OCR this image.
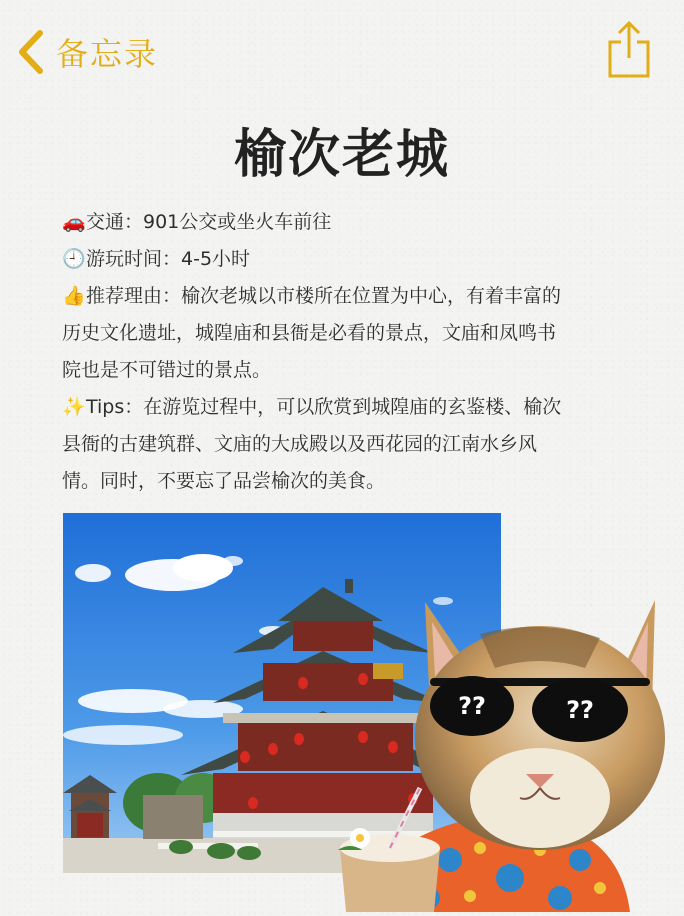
备忘录
榆次老城
🚗交通：901公交或坐火车前往
🕘游玩时间：4-5小时
👍推荐理由：榆次老城以市楼所在位置为中心，有着丰富的
历史文化遗址，城隍庙和县衙是必看的景点，文庙和凤鸣书
院也是不可错过的景点。
✨Tips：在游览过程中，可以欣赏到城隍庙的玄鉴楼、榆次
县衙的古建筑群、文庙的大成殿以及西花园的江南水乡风
情。同时，不要忘了品尝榆次的美食。
??	??
